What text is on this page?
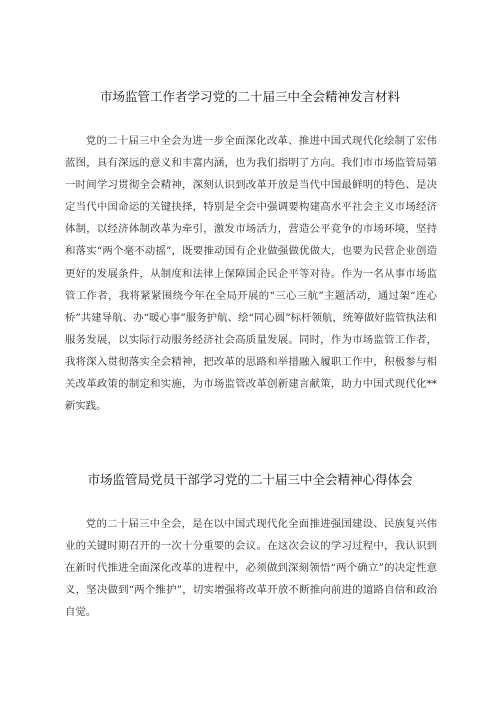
市场监管工作者学习党的二十届三中全会精神发言材料

党的二十届三中全会为进一步全面深化改革、推进中国式现代化绘制了宏伟蓝图，具有深远的意义和丰富内涵，也为我们指明了方向。我们市市场监管局第一时间学习贯彻全会精神，深刻认识到改革开放是当代中国最鲜明的特色、是决定当代中国命运的关键抉择，特别是全会中强调要构建高水平社会主义市场经济体制，以经济体制改革为牵引，激发市场活力，营造公平竞争的市场环境，坚持和落实“两个毫不动摇”，既要推动国有企业做强做优做大，也要为民营企业创造更好的发展条件，从制度和法律上保障国企民企平等对待。作为一名从事市场监管工作者，我将紧紧围绕今年在全局开展的“三心三航”主题活动，通过架“连心桥”共建导航、办“暖心事”服务护航、绘“同心圆”标杆领航，统筹做好监管执法和服务发展，以实际行动服务经济社会高质量发展。同时，作为市场监管工作者，我将深入贯彻落实全会精神，把改革的思路和举措融入履职工作中，积极参与相关改革政策的制定和实施，为市场监管改革创新建言献策，助力中国式现代化**新实践。

市场监管局党员干部学习党的二十届三中全会精神心得体会

党的二十届三中全会，是在以中国式现代化全面推进强国建设、民族复兴伟业的关键时期召开的一次十分重要的会议。在这次会议的学习过程中，我认识到在新时代推进全面深化改革的进程中，必须做到深刻领悟“两个确立”的决定性意义，坚决做到“两个维护”，切实增强将改革开放不断推向前进的道路自信和政治自觉。
